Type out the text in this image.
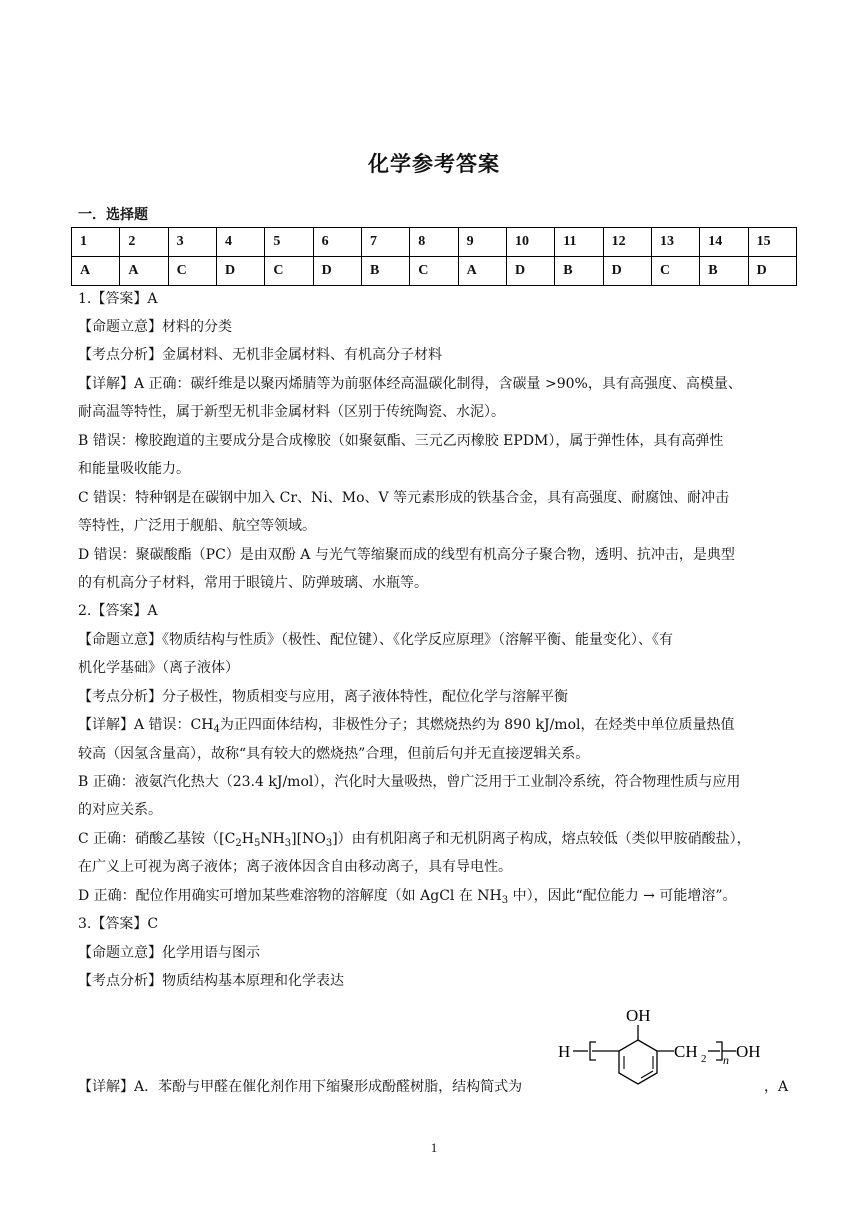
化学参考答案
一．选择题
1	2	3	4	5	6	7	8	9	10	11	12	13	14	15
A	A	C	D	C	D	B	C	A	D	B	D	C	B	D
1.【答案】A
【命题立意】材料的分类
【考点分析】金属材料、无机非金属材料、有机高分子材料
【详解】A 正确：碳纤维是以聚丙烯腈等为前驱体经高温碳化制得，含碳量 >90%，具有高强度、高模量、
耐高温等特性，属于新型无机非金属材料（区别于传统陶瓷、水泥）。
B 错误：橡胶跑道的主要成分是合成橡胶（如聚氨酯、三元乙丙橡胶 EPDM），属于弹性体，具有高弹性
和能量吸收能力。
C 错误：特种钢是在碳钢中加入 Cr、Ni、Mo、V 等元素形成的铁基合金，具有高强度、耐腐蚀、耐冲击
等特性，广泛用于舰船、航空等领域。
D 错误：聚碳酸酯（PC）是由双酚 A 与光气等缩聚而成的线型有机高分子聚合物，透明、抗冲击，是典型
的有机高分子材料，常用于眼镜片、防弹玻璃、水瓶等。
2.【答案】A
【命题立意】《物质结构与性质》（极性、配位键）、《化学反应原理》（溶解平衡、能量变化）、《有
机化学基础》（离子液体）
【考点分析】分子极性，物质相变与应用，离子液体特性，配位化学与溶解平衡
【详解】A 错误：$CH_4$为正四面体结构，非极性分子；其燃烧热约为 890 kJ/mol，在烃类中单位质量热值
较高（因氢含量高），故称“具有较大的燃烧热”合理，但前后句并无直接逻辑关系。
B 正确：液氨汽化热大（23.4 kJ/mol），汽化时大量吸热，曾广泛用于工业制冷系统，符合物理性质与应用
的对应关系。
C 正确：硝酸乙基铵$([C_2H_5NH_3][NO_3])$由有机阳离子和无机阴离子构成，熔点较低（类似甲胺硝酸盐），
在广义上可视为离子液体；离子液体因含自由移动离子，具有导电性。
D 正确：配位作用确实可增加某些难溶物的溶解度（如 AgCl 在 $NH_3$ 中），因此“配位能力 → 可能增溶”。
3.【答案】C
【命题立意】化学用语与图示
【考点分析】物质结构基本原理和化学表达
【详解】A．苯酚与甲醛在催化剂作用下缩聚形成酚醛树脂，结构简式为	，A
OH
H	CH 2 n OH
1
